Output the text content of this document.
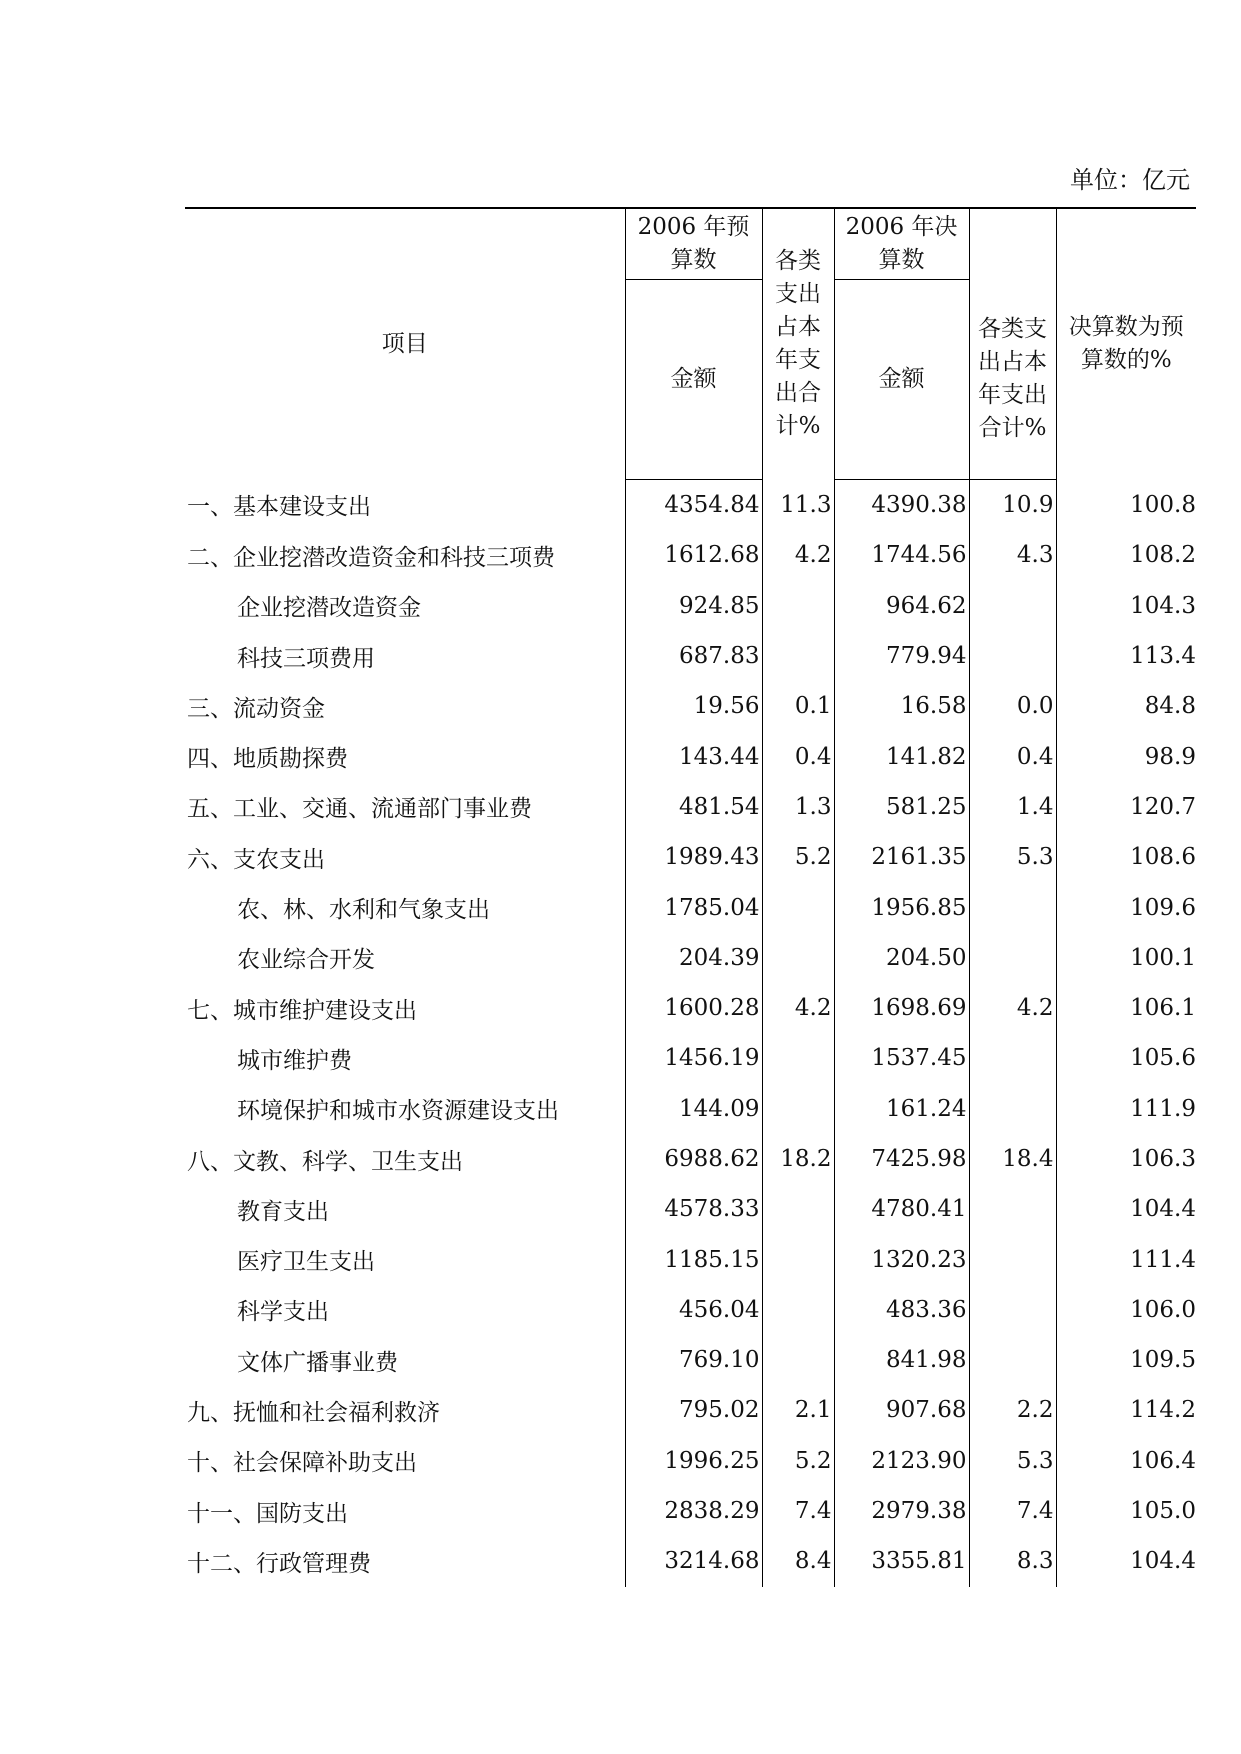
单位：亿元
项目	2006 年预算数	各类支出占本年支出合计%	2006 年决算数		决算数为预算数的%
	金额		金额	各类支出占本年支出合计%	
一、基本建设支出	4354.84	11.3	4390.38	10.9	100.8
二、企业挖潜改造资金和科技三项费	1612.68	4.2	1744.56	4.3	108.2
企业挖潜改造资金	924.85		964.62		104.3
科技三项费用	687.83		779.94		113.4
三、流动资金	19.56	0.1	16.58	0.0	84.8
四、地质勘探费	143.44	0.4	141.82	0.4	98.9
五、工业、交通、流通部门事业费	481.54	1.3	581.25	1.4	120.7
六、支农支出	1989.43	5.2	2161.35	5.3	108.6
农、林、水利和气象支出	1785.04		1956.85		109.6
农业综合开发	204.39		204.50		100.1
七、城市维护建设支出	1600.28	4.2	1698.69	4.2	106.1
城市维护费	1456.19		1537.45		105.6
环境保护和城市水资源建设支出	144.09		161.24		111.9
八、文教、科学、卫生支出	6988.62	18.2	7425.98	18.4	106.3
教育支出	4578.33		4780.41		104.4
医疗卫生支出	1185.15		1320.23		111.4
科学支出	456.04		483.36		106.0
文体广播事业费	769.10		841.98		109.5
九、抚恤和社会福利救济	795.02	2.1	907.68	2.2	114.2
十、社会保障补助支出	1996.25	5.2	2123.90	5.3	106.4
十一、国防支出	2838.29	7.4	2979.38	7.4	105.0
十二、行政管理费	3214.68	8.4	3355.81	8.3	104.4
